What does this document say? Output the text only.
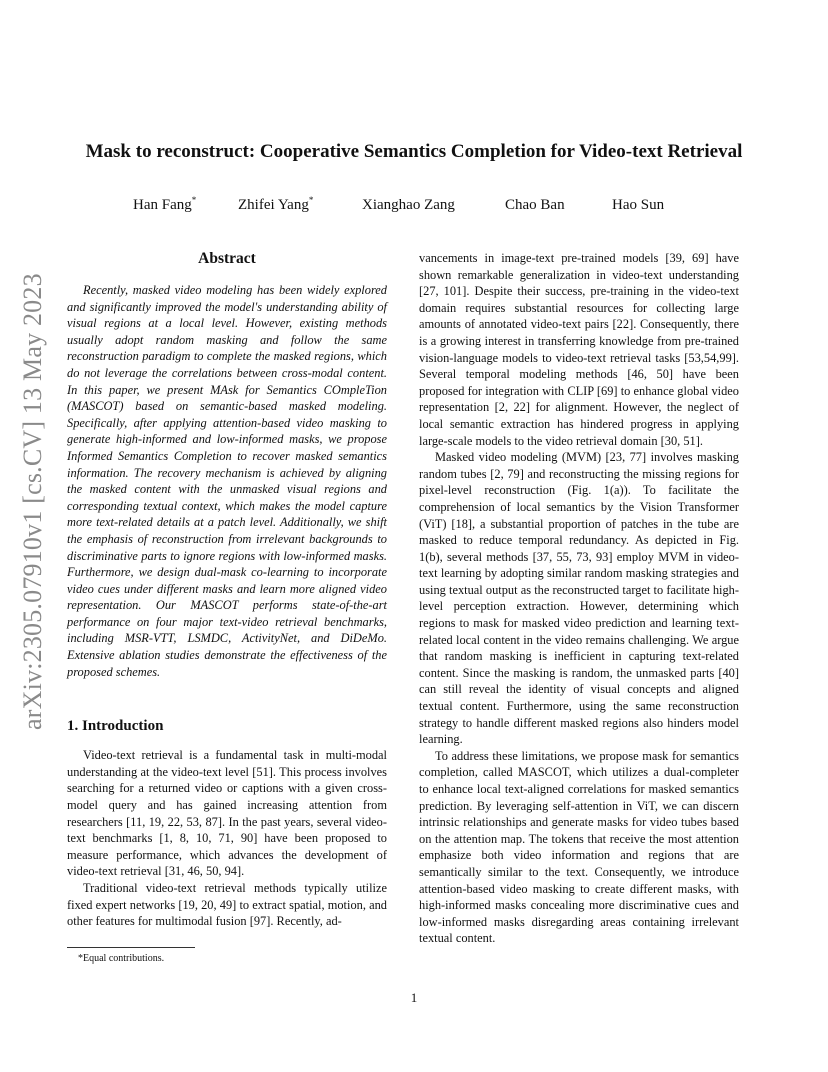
arXiv:2305.07910v1 [cs.CV] 13 May 2023
Mask to reconstruct: Cooperative Semantics Completion for Video-text Retrieval
Han Fang*	Zhifei Yang*	Xianghao Zang	Chao Ban	Hao Sun
Abstract

Recently, masked video modeling has been widely explored and significantly improved the model's understanding ability of visual regions at a local level. However, existing methods usually adopt random masking and follow the same reconstruction paradigm to complete the masked regions, which do not leverage the correlations between cross-modal content. In this paper, we present MAsk for Semantics COmpleTion (MASCOT) based on semantic-based masked modeling. Specifically, after applying attention-based video masking to generate high-informed and low-informed masks, we propose Informed Semantics Completion to recover masked semantics information. The recovery mechanism is achieved by aligning the masked content with the unmasked visual regions and corresponding textual context, which makes the model capture more text-related details at a patch level. Additionally, we shift the emphasis of reconstruction from irrelevant backgrounds to discriminative parts to ignore regions with low-informed masks. Furthermore, we design dual-mask co-learning to incorporate video cues under different masks and learn more aligned video representation. Our MASCOT performs state-of-the-art performance on four major text-video retrieval benchmarks, including MSR-VTT, LSMDC, ActivityNet, and DiDeMo. Extensive ablation studies demonstrate the effectiveness of the proposed schemes.

1. Introduction

Video-text retrieval is a fundamental task in multi-modal understanding at the video-text level [51]. This process involves searching for a returned video or captions with a given cross-model query and has gained increasing attention from researchers [11, 19, 22, 53, 87]. In the past years, several video-text benchmarks [1, 8, 10, 71, 90] have been proposed to measure performance, which advances the development of video-text retrieval [31, 46, 50, 94].

Traditional video-text retrieval methods typically utilize fixed expert networks [19, 20, 49] to extract spatial, motion, and other features for multimodal fusion [97]. Recently, ad-

vancements in image-text pre-trained models [39, 69] have shown remarkable generalization in video-text understanding [27, 101]. Despite their success, pre-training in the video-text domain requires substantial resources for collecting large amounts of annotated video-text pairs [22]. Consequently, there is a growing interest in transferring knowledge from pre-trained vision-language models to video-text retrieval tasks [53,54,99]. Several temporal modeling methods [46, 50] have been proposed for integration with CLIP [69] to enhance global video representation [2, 22] for alignment. However, the neglect of local semantic extraction has hindered progress in applying large-scale models to the video retrieval domain [30, 51].

Masked video modeling (MVM) [23, 77] involves masking random tubes [2, 79] and reconstructing the missing regions for pixel-level reconstruction (Fig. 1(a)). To facilitate the comprehension of local semantics by the Vision Transformer (ViT) [18], a substantial proportion of patches in the tube are masked to reduce temporal redundancy. As depicted in Fig. 1(b), several methods [37, 55, 73, 93] employ MVM in video-text learning by adopting similar random masking strategies and using textual output as the reconstructed target to facilitate high-level perception extraction. However, determining which regions to mask for masked video prediction and learning text-related local content in the video remains challenging. We argue that random masking is inefficient in capturing text-related content. Since the masking is random, the unmasked parts [40] can still reveal the identity of visual concepts and aligned textual content. Furthermore, using the same reconstruction strategy to handle different masked regions also hinders model learning.

To address these limitations, we propose mask for semantics completion, called MASCOT, which utilizes a dual-completer to enhance local text-aligned correlations for masked semantics prediction. By leveraging self-attention in ViT, we can discern intrinsic relationships and generate masks for video tubes based on the attention map. The tokens that receive the most attention emphasize both video information and regions that are semantically similar to the text. Consequently, we introduce attention-based video masking to create different masks, with high-informed masks concealing more discriminative cues and low-informed masks disregarding areas containing irrelevant textual content.

*Equal contributions.
1
